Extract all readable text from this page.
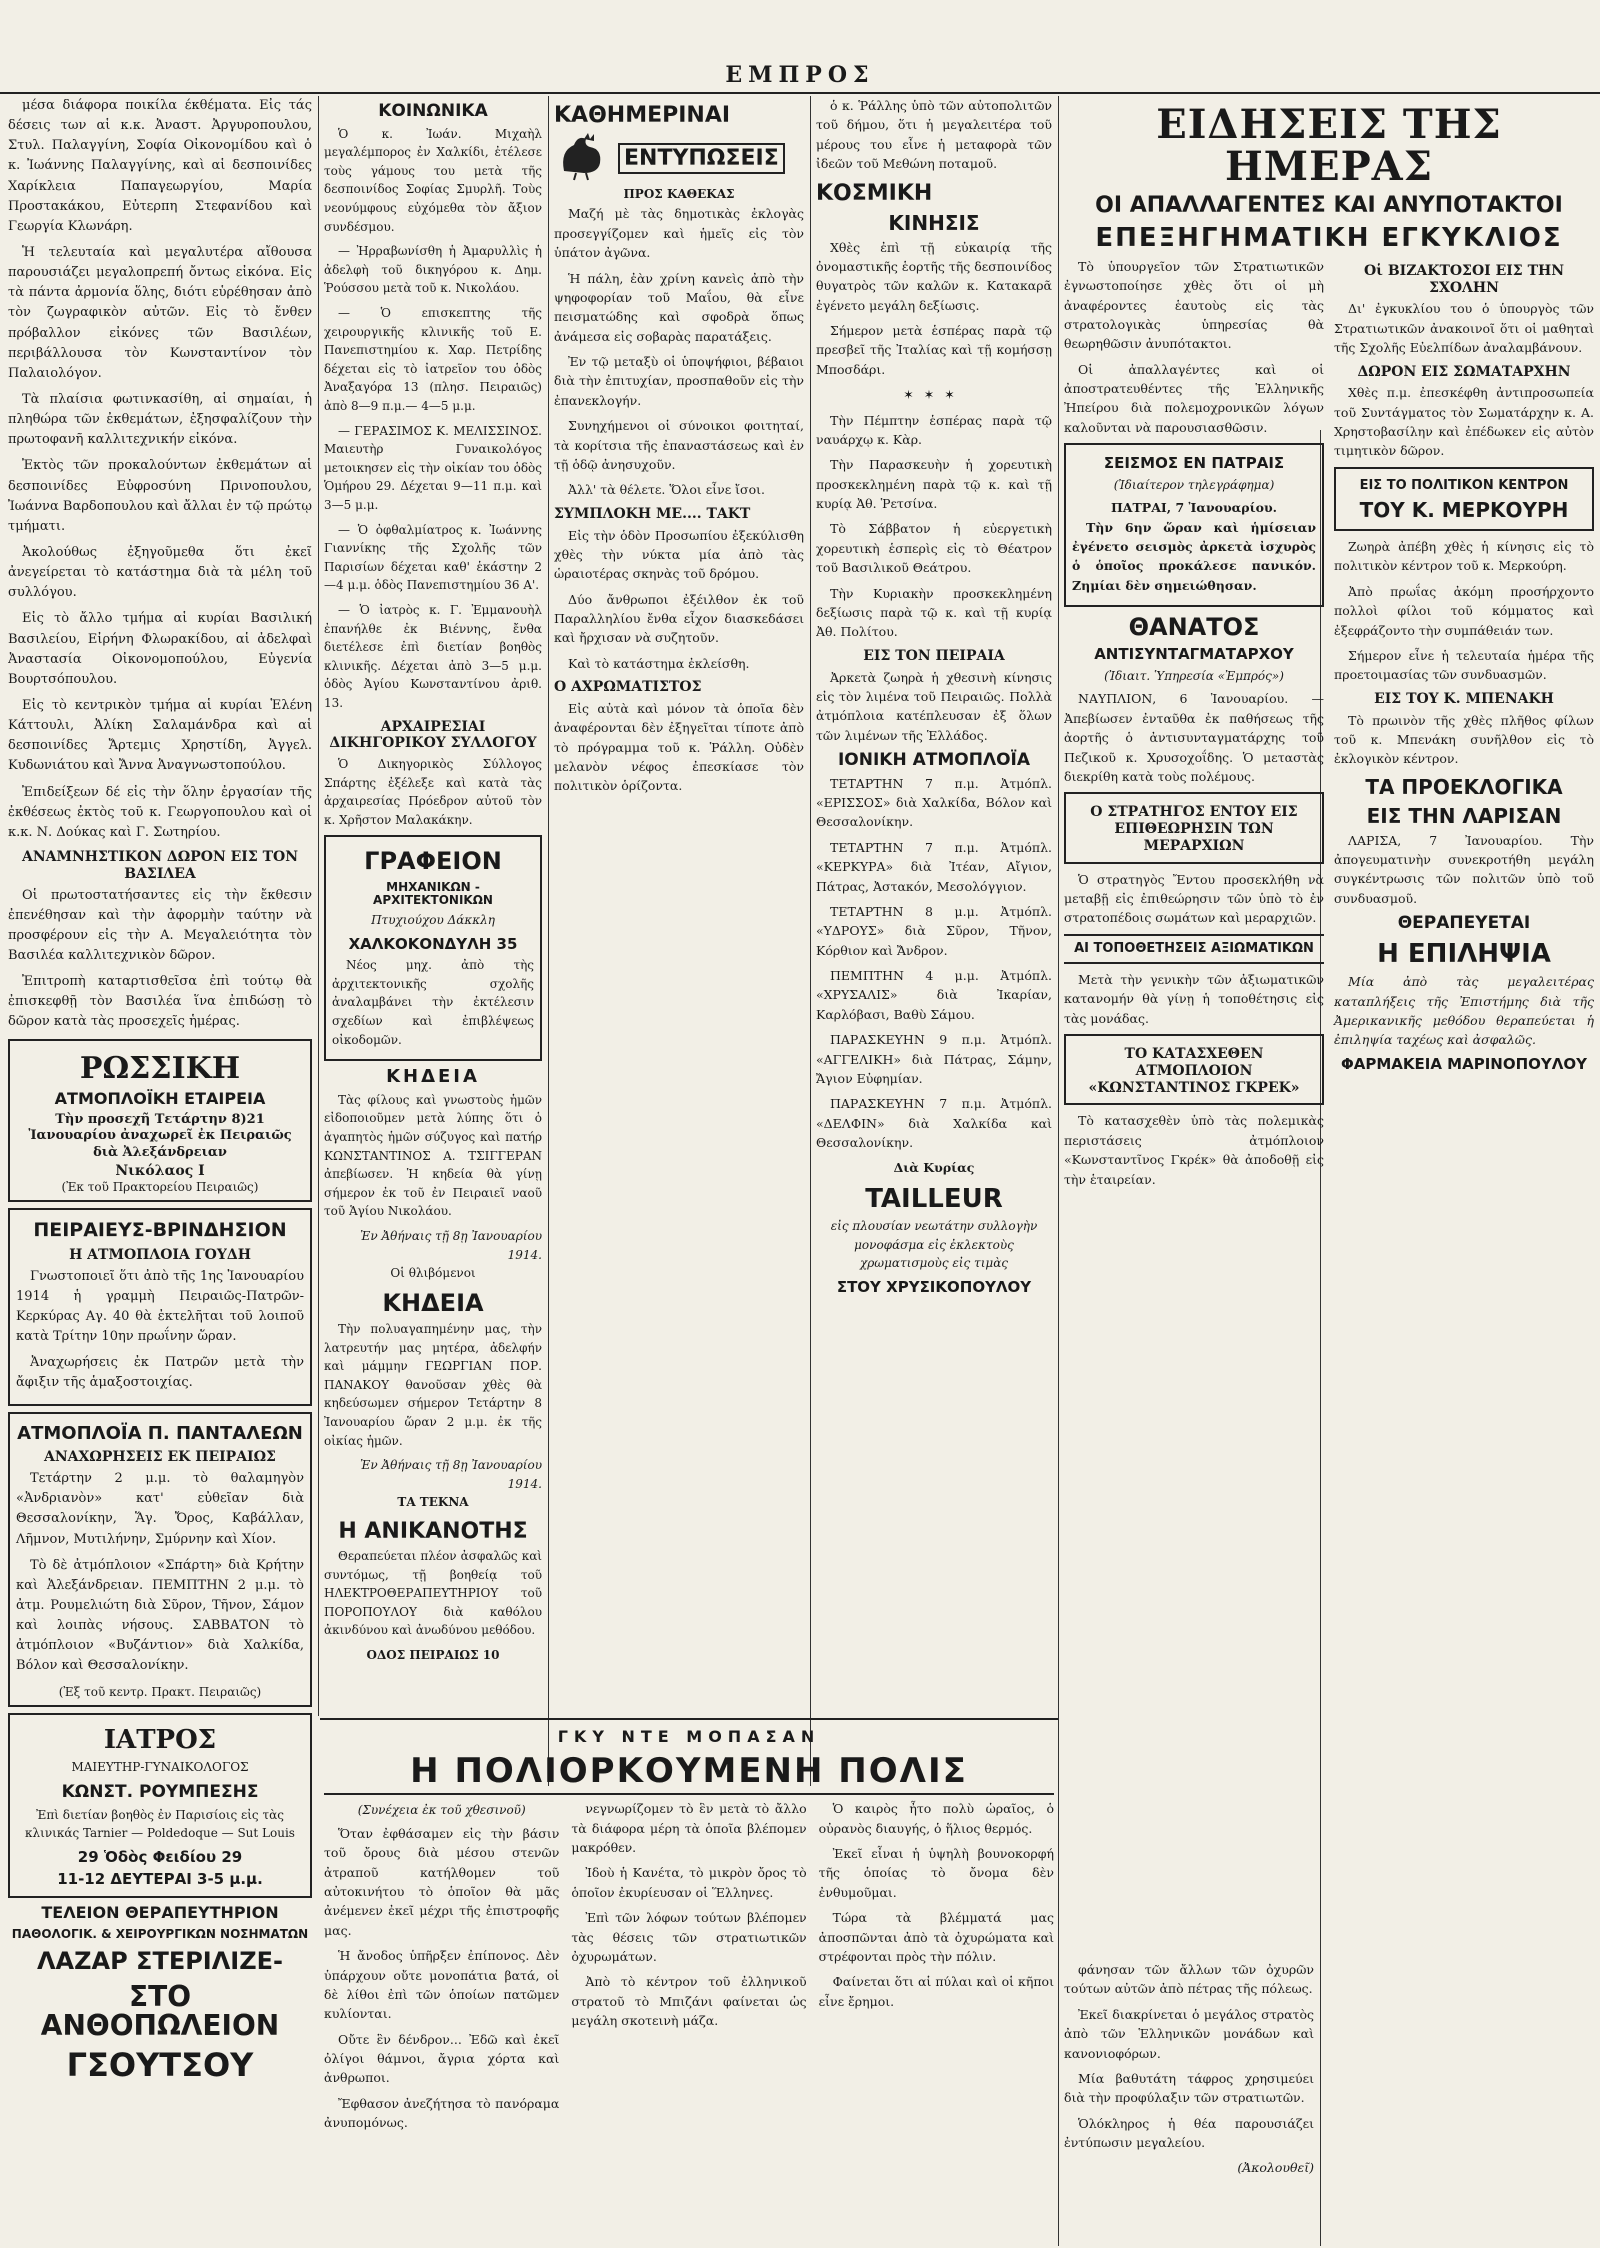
ΕΜΠΡΟΣ

μέσα διάφορα ποικίλα έκθέματα. Εἰς τάς δέσεις των αἱ κ.κ. Ἀναστ. Ἀργυροπουλου, Στυλ. Παλαγγίνη, Σοφία Οἰκονομίδου καὶ ὁ κ. Ἰωάννης Παλαγγίνης, καὶ αἱ δεσποινίδες Χαρίκλεια Παπαγεωργίου, Μαρία Προστακάκου, Εὐτερπη Στεφανίδου καὶ Γεωργία Κλωνάρη.

Ἡ τελευταία καὶ μεγαλυτέρα αἴθουσα παρουσιάζει μεγαλοπρεπή ὄντως εἰκόνα. Εἰς τὰ πάντα ἀρμονία ὅλης, διότι εὑρέθησαν ἀπὸ τὸν ζωγραφικὸν αὐτῶν. Εἰς τὸ ἔνθεν πρόβαλλον εἰκόνες τῶν Βασιλέων, περιβάλλουσα τὸν Κωνσταντίνον τὸν Παλαιολόγον.

Τὰ πλαίσια φωτινκασίθη, αἱ σημαίαι, ἡ πληθώρα τῶν ἐκθεμάτων, ἐξησφαλίζουν τὴν πρωτοφανῆ καλλιτεχνικήν εἰκόνα.

Ἐκτὸς τῶν προκαλούντων ἐκθεμάτων αἱ δεσποινίδες Εὐφροσύνη Πρινοπουλου, Ἰωάννα Βαρδοπουλου καὶ ἄλλαι ἐν τῷ πρώτῳ τμήματι.

Ἀκολούθως ἐξηγοῦμεθα ὅτι ἐκεῖ ἀνεγείρεται τὸ κατάστημα διὰ τὰ μέλη τοῦ συλλόγου.

Εἰς τὸ ἄλλο τμήμα αἱ κυρίαι Βασιλική Βασιλείου, Εἰρήνη Φλωρακίδου, αἱ ἀδελφαὶ Ἀναστασία Οἰκονομοπούλου, Εὐγενία Βουρτσόπουλου.

Εἰς τὸ κεντρικὸν τμήμα αἱ κυρίαι Ἑλένη Κάττουλι, Ἀλίκη Σαλαμάνδρα καὶ αἱ δεσποινίδες Ἄρτεμις Χρηστίδη, Ἀγγελ. Κυδωνιάτου καὶ Ἄννα Ἀναγνωστοπούλου.

Ἐπιδείξεων δέ εἰς τὴν ὅλην ἐργασίαν τῆς ἐκθέσεως ἐκτὸς τοῦ κ. Γεωργοπουλου καὶ οἱ κ.κ. Ν. Δούκας καὶ Γ. Σωτηρίου.

ΑΝΑΜΝΗΣΤΙΚΟΝ ΔΩΡΟΝ ΕΙΣ ΤΟΝ ΒΑΣΙΛΕΑ

Οἱ πρωτοστατήσαντες εἰς τὴν ἔκθεσιν ἐπενέθησαν καὶ τὴν ἀφορμὴν ταύτην νὰ προσφέρουν εἰς τὴν A. Μεγαλειότητα τὸν Βασιλέα καλλιτεχνικὸν δῶρον.

Ἐπιτροπὴ καταρτισθεῖσα ἐπὶ τούτῳ θὰ ἐπισκεφθῇ τὸν Βασιλέα ἵνα ἐπιδώσῃ τὸ δῶρον κατὰ τὰς προσεχεῖς ἡμέρας.

ΡΩΣΣΙΚΗ
ΑΤΜΟΠΛΟΪΚΗ ΕΤΑΙΡΕΙΑ
Τὴν προσεχῆ Τετάρτην 8)21 Ἰανουαρίου ἀναχωρεῖ ἐκ Πειραιῶς διὰ Ἀλεξάνδρειαν
Νικόλαος Ι
(Ἐκ τοῦ Πρακτορείου Πειραιῶς)
ΠΕΙΡΑΙΕΥΣ-ΒΡΙΝΔΗΣΙΟΝ
Η ΑΤΜΟΠΛΟΙΑ ΓΟΥΔΗ

Γνωστοποιεῖ ὅτι ἀπὸ τῆς 1ης Ἰανουαρίου 1914 ἡ γραμμὴ Πειραιῶς-Πατρῶν-Κερκύρας Αγ. 40 θὰ ἐκτελῆται τοῦ λοιποῦ κατὰ Τρίτην 10ην πρωΐνην ὥραν.

Ἀναχωρήσεις ἐκ Πατρῶν μετὰ τὴν ἄφιξιν τῆς ἁμαξοστοιχίας.

ΑΤΜΟΠΛΟΪΑ Π. ΠΑΝΤΑΛΕΩΝ
ΑΝΑΧΩΡΗΣΕΙΣ ΕΚ ΠΕΙΡΑΙΩΣ

Τετάρτην 2 μ.μ. τὸ θαλαμηγὸν «Ἀνδριανὸν» κατ' εὐθεῖαν διὰ Θεσσαλονίκην, Ἅγ. Ὄρος, Καβάλλαν, Λῆμνον, Μυτιλήνην, Σμύρνην καὶ Χίον.

Τὸ δὲ ἀτμόπλοιον «Σπάρτη» διὰ Κρήτην καὶ Ἀλεξάνδρειαν. ΠΕΜΠΤΗΝ 2 μ.μ. τὸ ἀτμ. Ρουμελιώτη διὰ Σῦρον, Τῆνον, Σάμον καὶ λοιπὰς νήσους. ΣΑΒΒΑΤΟΝ τὸ ἀτμόπλοιον «Βυζάντιον» διὰ Χαλκίδα, Βόλον καὶ Θεσσαλονίκην.

(Ἐξ τοῦ κεντρ. Πρακτ. Πειραιῶς)
ΙΑΤΡΟΣ
ΜΑΙΕΥΤΗΡ-ΓΥΝΑΙΚΟΛΟΓΟΣ
ΚΩΝΣΤ. ΡΟΥΜΠΕΣΗΣ
Ἐπὶ διετίαν βοηθὸς ἐν Παρισίοις εἰς τὰς κλινικάς Tarnier — Poldedoque — Sut Louis
29 Ὁδὸς Φειδίου 29
11-12 ΔΕΥΤΕΡΑΙ 3-5 μ.μ.
ΤΕΛΕΙΟΝ ΘΕΡΑΠΕΥΤΗΡΙΟΝ
ΠΑΘΟΛΟΓΙΚ. & ΧΕΙΡΟΥΡΓΙΚΩΝ ΝΟΣΗΜΑΤΩΝ
ΛΑΖΑΡ ΣΤΕΡΙΛΙΖΕ-
ΣΤΟ ΑΝΘΟΠΩΛΕΙΟΝ
ΓΣΟΥΤΣΟΥ
ΚΟΙΝΩΝΙΚΑ

Ὁ κ. Ἰωάν. Μιχαὴλ μεγαλέμπορος ἐν Χαλκίδι, ἐτέλεσε τοὺς γάμους του μετὰ τῆς δεσποινίδος Σοφίας Σμυρλῆ. Τοὺς νεονύμφους εὐχόμεθα τὸν ἄξιον συνδέσμου.

— Ἠρραβωνίσθη ἡ Ἀμαρυλλὶς ἡ ἀδελφὴ τοῦ δικηγόρου κ. Δημ. Ῥούσσου μετὰ τοῦ κ. Νικολάου.

— Ὁ επισκεπτης τῆς χειρουργικῆς κλινικῆς τοῦ Ε. Πανεπιστημίου κ. Χαρ. Πετρίδης δέχεται εἰς τὸ ἰατρεῖον του ὁδὸς Ἀναξαγόρα 13 (πλησ. Πειραιῶς) ἀπὸ 8—9 π.μ.— 4—5 μ.μ.

— ΓΕΡΑΣΙΜΟΣ Κ. ΜΕΛΙΣΣΙΝΟΣ. Μαιευτὴρ Γυναικολόγος μετοικησεν εἰς τὴν οἰκίαν του ὁδὸς Ὁμήρου 29. Δέχεται 9—11 π.μ. καὶ 3—5 μ.μ.

— Ὁ ὀφθαλμίατρος κ. Ἰωάννης Γιαννίκης τῆς Σχολῆς τῶν Παρισίων δέχεται καθ' ἑκάστην 2—4 μ.μ. ὁδὸς Πανεπιστημίου 36 Α'.

— Ὁ ἰατρὸς κ. Γ. Ἐμμανουὴλ ἐπανήλθε ἐκ Βιέννης, ἔνθα διετέλεσε ἐπὶ διετίαν βοηθὸς κλινικῆς. Δέχεται ἀπὸ 3—5 μ.μ. ὁδὸς Ἀγίου Κωνσταντίνου ἀριθ. 13.

ΑΡΧΑΙΡΕΣΙΑΙ ΔΙΚΗΓΟΡΙΚΟΥ ΣΥΛΛΟΓΟΥ

Ὁ Δικηγορικὸς Σύλλογος Σπάρτης ἐξέλεξε καὶ κατὰ τὰς ἀρχαιρεσίας Πρόεδρον αὐτοῦ τὸν κ. Χρῆστον Μαλακάκην.

ΓΡΑΦΕΙΟΝ
ΜΗΧΑΝΙΚΩΝ - ΑΡΧΙΤΕΚΤΟΝΙΚΩΝ
Πτυχιούχου Δάκκλη
ΧΑΛΚΟΚΟΝΔΥΛΗ 35

Νέος μηχ. ἀπὸ τὴς ἀρχιτεκτονικῆς σχολῆς ἀναλαμβάνει τὴν ἐκτέλεσιν σχεδίων καὶ ἐπιβλέψεως οἰκοδομῶν.

ΚΗΔΕΙΑ

Τὰς φίλους καὶ γνωστοὺς ἡμῶν εἰδοποιοῦμεν μετὰ λύπης ὅτι ὁ ἀγαπητὸς ἡμῶν σύζυγος καὶ πατήρ ΚΩΝΣΤΑΝΤΙΝΟΣ Α. ΤΣΙΓΓΕΡΑΝ ἀπεβίωσεν. Ἡ κηδεία θὰ γίνῃ σήμερον ἐκ τοῦ ἐν Πειραιεῖ ναοῦ τοῦ Ἁγίου Νικολάου.

Ἐν Ἀθήναις τῇ 8ῃ Ἰανουαρίου 1914.
Οἱ θλιβόμενοι
ΚΗΔΕΙΑ

Τὴν πολυαγαπημένην μας, τὴν λατρευτήν μας μητέρα, ἀδελφήν καὶ μάμμην ΓΕΩΡΓΙΑΝ ΠΟΡ. ΠΑΝΑΚΟΥ θανοῦσαν χθὲς θὰ κηδεύσωμεν σήμερον Τετάρτην 8 Ἰανουαρίου ὥραν 2 μ.μ. ἐκ τῆς οἰκίας ἡμῶν.

Ἐν Ἀθήναις τῇ 8ῃ Ἰανουαρίου 1914.
ΤΑ ΤΕΚΝΑ
Η ΑΝΙΚΑΝΟΤΗΣ

Θεραπεύεται πλέον ἀσφαλῶς καὶ συντόμως, τῇ βοηθείᾳ τοῦ ΗΛΕΚΤΡΟΘΕΡΑΠΕΥΤΗΡΙΟΥ τοῦ ΠΟΡΟΠΟΥΛΟΥ διὰ καθόλου ἀκινδύνου καὶ ἀνωδύνου μεθόδου.

ΟΔΟΣ ΠΕΙΡΑΙΩΣ 10
ΚΑΘΗΜΕΡΙΝΑΙ
ΕΝΤΥΠΩΣΕΙΣ
ΠΡΟΣ ΚΑΘΕΚΑΣ

Μαζή μὲ τὰς δημοτικὰς ἐκλογὰς προσεγγίζομεν καὶ ἡμεῖς εἰς τὸν ὑπάτον ἀγῶνα.

Ἡ πάλη, ἐὰν χρίνη κανεὶς ἀπὸ τὴν ψηφοφορίαν τοῦ Μαΐου, θὰ εἶνε πεισματώδης καὶ σφοδρὰ ὅπως ἀνάμεσα εἰς σοβαρὰς παρατάξεις.

Ἐν τῷ μεταξὺ οἱ ὑποψήφιοι, βέβαιοι διὰ τὴν ἐπιτυχίαν, προσπαθοῦν εἰς τὴν ἐπανεκλογήν.

Συνηχήμενοι οἱ σύνοικοι φοιτηταί, τὰ κορίτσια τῆς ἐπαναστάσεως καὶ ἐν τῇ ὁδῷ ἀνησυχοῦν.

Ἀλλ' τὰ θέλετε. Ὅλοι εἶνε ἴσοι.

ΣΥΜΠΛΟΚΗ ΜΕ.... ΤΑΚΤ

Εἰς τὴν ὁδὸν Προσωπίου ἐξεκύλισθη χθὲς τὴν νύκτα μία ἀπὸ τὰς ὡραιοτέρας σκηνὰς τοῦ δρόμου.

Δύο ἄνθρωποι ἐξέιλθον ἐκ τοῦ Παραλληλίου ἔνθα εἶχον διασκεδάσει καὶ ἤρχισαν νὰ συζητοῦν.

Καὶ τὸ κατάστημα ἐκλείσθη.

Ο ΑΧΡΩΜΑΤΙΣΤΟΣ

Εἰς αὐτὰ καὶ μόνον τὰ ὁποῖα δὲν ἀναφέρονται δὲν ἐξηγεῖται τίποτε ἀπὸ τὸ πρόγραμμα τοῦ κ. Ῥάλλη. Οὐδὲν μελανὸν νέφος ἐπεσκίασε τὸν πολιτικὸν ὁρίζοντα.

ὁ κ. Ῥάλλης ὑπὸ τῶν αὐτοπολιτῶν τοῦ δήμου, ὅτι ἡ μεγαλειτέρα τοῦ μέρους του εἶνε ἡ μεταφορὰ τῶν ἰδεῶν τοῦ Μεθώνη ποταμοῦ.

ΚΟΣΜΙΚΗ
ΚΙΝΗΣΙΣ

Χθὲς ἐπὶ τῇ εὐκαιρίᾳ τῆς ὀνομαστικῆς ἑορτῆς τῆς δεσποινίδος θυγατρὸς τῶν καλῶν κ. Κατακαρᾶ ἐγένετο μεγάλη δεξίωσις.

Σήμερον μετὰ ἑσπέρας παρὰ τῷ πρεσβεῖ τῆς Ἰταλίας καὶ τῇ κομήσσῃ Μποσδάρι.

✶✶✶

Τὴν Πέμπτην ἑσπέρας παρὰ τῷ ναυάρχῳ κ. Κὰρ.

Τὴν Παρασκευὴν ἡ χορευτικὴ προσκεκλημένη παρὰ τῷ κ. καὶ τῇ κυρίᾳ Ἀθ. Ῥετσίνα.

Τὸ Σάββατον ἡ εὐεργετικὴ χορευτικὴ ἑσπερὶς εἰς τὸ Θέατρον τοῦ Βασιλικοῦ Θεάτρου.

Τὴν Κυριακὴν προσκεκλημένη δεξίωσις παρὰ τῷ κ. καὶ τῇ κυρίᾳ Ἀθ. Πολίτου.

ΕΙΣ ΤΟΝ ΠΕΙΡΑΙΑ

Ἀρκετὰ ζωηρὰ ἡ χθεσινὴ κίνησις εἰς τὸν λιμένα τοῦ Πειραιῶς. Πολλὰ ἀτμόπλοια κατέπλευσαν ἐξ ὅλων τῶν λιμένων τῆς Ἑλλάδος.

ΙΟΝΙΚΗ ΑΤΜΟΠΛΟΪΑ

ΤΕΤΑΡΤΗΝ 7 π.μ. Ἀτμόπλ. «ΕΡΙΣΣΟΣ» διὰ Χαλκίδα, Βόλον καὶ Θεσσαλονίκην.

ΤΕΤΑΡΤΗΝ 7 π.μ. Ἀτμόπλ. «ΚΕΡΚΥΡΑ» διὰ Ἰτέαν, Αἴγιον, Πάτρας, Ἀστακόν, Μεσολόγγιον.

ΤΕΤΑΡΤΗΝ 8 μ.μ. Ἀτμόπλ. «ΥΔΡΟΥΣ» διὰ Σῦρον, Τῆνον, Κόρθιον καὶ Ἄνδρον.

ΠΕΜΠΤΗΝ 4 μ.μ. Ἀτμόπλ. «ΧΡΥΣΑΛΙΣ» διὰ Ἰκαρίαν, Καρλόβασι, Βαθὺ Σάμου.

ΠΑΡΑΣΚΕΥΗΝ 9 π.μ. Ἀτμόπλ. «ΑΓΓΕΛΙΚΗ» διὰ Πάτρας, Σάμην, Ἄγιον Εὐφημίαν.

ΠΑΡΑΣΚΕΥΗΝ 7 π.μ. Ἀτμόπλ. «ΔΕΛΦΙΝ» διὰ Χαλκίδα καὶ Θεσσαλονίκην.

Διὰ Κυρίας
TAILLEUR
εἰς πλουσίαν νεωτάτην συλλογὴν μονοφάσμα εἰς ἐκλεκτοὺς χρωματισμοὺς εἰς τιμὰς
ΣΤΟΥ ΧΡΥΣΙΚΟΠΟΥΛΟΥ
ΕΙΔΗΣΕΙΣ ΤΗΣ ΗΜΕΡΑΣ
ΟΙ ΑΠΑΛΛΑΓΕΝΤΕΣ ΚΑΙ ΑΝΥΠΟΤΑΚΤΟΙ
ΕΠΕΞΗΓΗΜΑΤΙΚΗ ΕΓΚΥΚΛΙΟΣ

Τὸ ὑπουργεῖον τῶν Στρατιωτικῶν ἐγνωστοποίησε χθὲς ὅτι οἱ μὴ ἀναφέροντες ἑαυτοὺς εἰς τὰς στρατολογικὰς ὑπηρεσίας θὰ θεωρηθῶσιν ἀνυπότακτοι.

Οἱ ἀπαλλαγέντες καὶ οἱ ἀποστρατευθέντες τῆς Ἑλληνικῆς Ἠπείρου διὰ πολεμοχρονικῶν λόγων καλοῦνται νὰ παρουσιασθῶσιν.

ΣΕΙΣΜΟΣ ΕΝ ΠΑΤΡΑΙΣ
(Ἰδιαίτερον τηλεγράφημα)
ΠΑΤΡΑΙ, 7 Ἰανουαρίου.

Τὴν 6ην ὥραν καὶ ἡμίσειαν ἐγένετο σεισμὸς ἀρκετὰ ἰσχυρὸς ὁ ὁποῖος προκάλεσε πανικόν. Ζημίαι δὲν σημειώθησαν.

ΘΑΝΑΤΟΣ
ΑΝΤΙΣΥΝΤΑΓΜΑΤΑΡΧΟΥ
(Ἰδιαιτ. Ὑπηρεσία «Ἐμπρός»)

ΝΑΥΠΛΙΟΝ, 6 Ἰανουαρίου. — Ἀπεβίωσεν ἐνταῦθα ἐκ παθήσεως τῆς ἀορτῆς ὁ ἀντισυνταγματάρχης τοῦ Πεζικοῦ κ. Χρυσοχοΐδης. Ὁ μεταστὰς διεκρίθη κατὰ τοὺς πολέμους.

Ο ΣΤΡΑΤΗΓΟΣ ΕΝΤΟΥ ΕΙΣ ΕΠΙΘΕΩΡΗΣΙΝ ΤΩΝ ΜΕΡΑΡΧΙΩΝ

Ὁ στρατηγὸς Ἔντου προσεκλήθη νὰ μεταβῇ εἰς ἐπιθεώρησιν τῶν ὑπὸ τὸ ἐν στρατοπέδοις σωμάτων καὶ μεραρχιῶν.

ΑΙ ΤΟΠΟΘΕΤΗΣΕΙΣ ΑΞΙΩΜΑΤΙΚΩΝ

Μετὰ τὴν γενικὴν τῶν ἀξιωματικῶν κατανομήν θὰ γίνῃ ἡ τοποθέτησις εἰς τὰς μονάδας.

ΤΟ ΚΑΤΑΣΧΕΘΕΝ ΑΤΜΟΠΛΟΙΟΝ «ΚΩΝΣΤΑΝΤΙΝΟΣ ΓΚΡΕΚ»

Τὸ κατασχεθὲν ὑπὸ τὰς πολεμικὰς περιστάσεις ἀτμόπλοιον «Κωνσταντῖνος Γκρέκ» θὰ ἀποδοθῇ εἰς τὴν ἑταιρείαν.

Οἱ ΒΙΖΑΚΤΟΣΟΙ ΕΙΣ ΤΗΝ ΣΧΟΛΗΝ

Δι' ἐγκυκλίου του ὁ ὑπουργὸς τῶν Στρατιωτικῶν ἀνακοινοῖ ὅτι οἱ μαθηταὶ τῆς Σχολῆς Εὐελπίδων ἀναλαμβάνουν.

ΔΩΡΟΝ ΕΙΣ ΣΩΜΑΤΑΡΧΗΝ

Χθὲς π.μ. ἐπεσκέφθη ἀντιπροσωπεία τοῦ Συντάγματος τὸν Σωματάρχην κ. Α. Χρηστοβασίλην καὶ ἐπέδωκεν εἰς αὐτὸν τιμητικὸν δῶρον.

ΕΙΣ ΤΟ ΠΟΛΙΤΙΚΟΝ ΚΕΝΤΡΟΝ
ΤΟΥ Κ. ΜΕΡΚΟΥΡΗ

Ζωηρὰ ἀπέβη χθὲς ἡ κίνησις εἰς τὸ πολιτικὸν κέντρον τοῦ κ. Μερκούρη.

Ἀπὸ πρωΐας ἀκόμη προσήρχοντο πολλοὶ φίλοι τοῦ κόμματος καὶ ἐξεφράζοντο τὴν συμπάθειάν των.

Σήμερον εἶνε ἡ τελευταία ἡμέρα τῆς προετοιμασίας τῶν συνδυασμῶν.

ΕΙΣ ΤΟΥ Κ. ΜΠΕΝΑΚΗ

Τὸ πρωινὸν τῆς χθὲς πλῆθος φίλων τοῦ κ. Μπενάκη συνῆλθον εἰς τὸ ἐκλογικὸν κέντρον.

ΤΑ ΠΡΟΕΚΛΟΓΙΚΑ
ΕΙΣ ΤΗΝ ΛΑΡΙΣΑΝ

ΛΑΡΙΣΑ, 7 Ἰανουαρίου. Τὴν ἀπογευματινὴν συνεκροτήθη μεγάλη συγκέντρωσις τῶν πολιτῶν ὑπὸ τοῦ συνδυασμοῦ.

ΘΕΡΑΠΕΥΕΤΑΙ
Η ΕΠΙΛΗΨΙΑ

Μία ἀπὸ τὰς μεγαλειτέρας καταπλήξεις τῆς Ἐπιστήμης διὰ τῆς Ἀμερικανικῆς μεθόδου θεραπεύεται ἡ ἐπιληψία ταχέως καὶ ἀσφαλῶς.

ΦΑΡΜΑΚΕΙΑ ΜΑΡΙΝΟΠΟΥΛΟΥ
ΓΚΥ ΝΤΕ ΜΟΠΑΣΑΝ
Η ΠΟΛΙΟΡΚΟΥΜΕΝΗ ΠΟΛΙΣ
(Συνέχεια ἐκ τοῦ χθεσινοῦ)

Ὅταν ἐφθάσαμεν εἰς τὴν βάσιν τοῦ ὄρους διὰ μέσου στενῶν ἀτραποῦ κατήλθομεν τοῦ αὐτοκινήτου τὸ ὁποῖον θὰ μᾶς ἀνέμενεν ἐκεῖ μέχρι τῆς ἐπιστροφῆς μας.

Ἡ ἄνοδος ὑπῆρξεν ἐπίπονος. Δὲν ὑπάρχουν οὔτε μονοπάτια βατά, οἱ δὲ λίθοι ἐπὶ τῶν ὁποίων πατῶμεν κυλίονται.

Οὔτε ἓν δένδρον... Ἐδῶ καὶ ἐκεῖ ὀλίγοι θάμνοι, ἄγρια χόρτα καὶ ἀνθρωποι.

Ἔφθασον ἀνεζήτησα τὸ πανόραμα ἀνυπομόνως.

νεγνωρίζομεν τὸ ἓν μετὰ τὸ ἄλλο τὰ διάφορα μέρη τὰ ὁποῖα βλέπομεν μακρόθεν.

Ἰδοὺ ἡ Κανέτα, τὸ μικρὸν ὄρος τὸ ὁποῖον ἐκυρίευσαν οἱ Ἕλληνες.

Ἐπὶ τῶν λόφων τούτων βλέπομεν τὰς θέσεις τῶν στρατιωτικῶν ὀχυρωμάτων.

Ἀπὸ τὸ κέντρον τοῦ ἐλληνικοῦ στρατοῦ τὸ Μπιζάνι φαίνεται ὡς μεγάλη σκοτεινὴ μάζα.

Ὁ καιρὸς ἦτο πολὺ ὡραῖος, ὁ οὐρανὸς διαυγής, ὁ ἥλιος θερμός.

Ἐκεῖ εἶναι ἡ ὑψηλὴ βουνοκορφή τῆς ὁποίας τὸ ὄνομα δὲν ἐνθυμοῦμαι.

Τώρα τὰ βλέμματά μας ἀποσπῶνται ἀπὸ τὰ ὀχυρώματα καὶ στρέφονται πρὸς τὴν πόλιν.

Φαίνεται ὅτι αἱ πύλαι καὶ οἱ κῆποι εἶνε ἔρημοι.

φάνησαν τῶν ἄλλων τῶν ὀχυρῶν τούτων αὐτῶν ἀπὸ πέτρας τῆς πόλεως.

Ἐκεῖ διακρίνεται ὁ μεγάλος στρατὸς ἀπὸ τῶν Ἑλληνικῶν μονάδων καὶ κανονιοφόρων.

Μία βαθυτάτη τάφρος χρησιμεύει διὰ τὴν προφύλαξιν τῶν στρατιωτῶν.

Ὁλόκληρος ἡ θέα παρουσιάζει ἐντύπωσιν μεγαλείου.

(Ἀκολουθεῖ)
